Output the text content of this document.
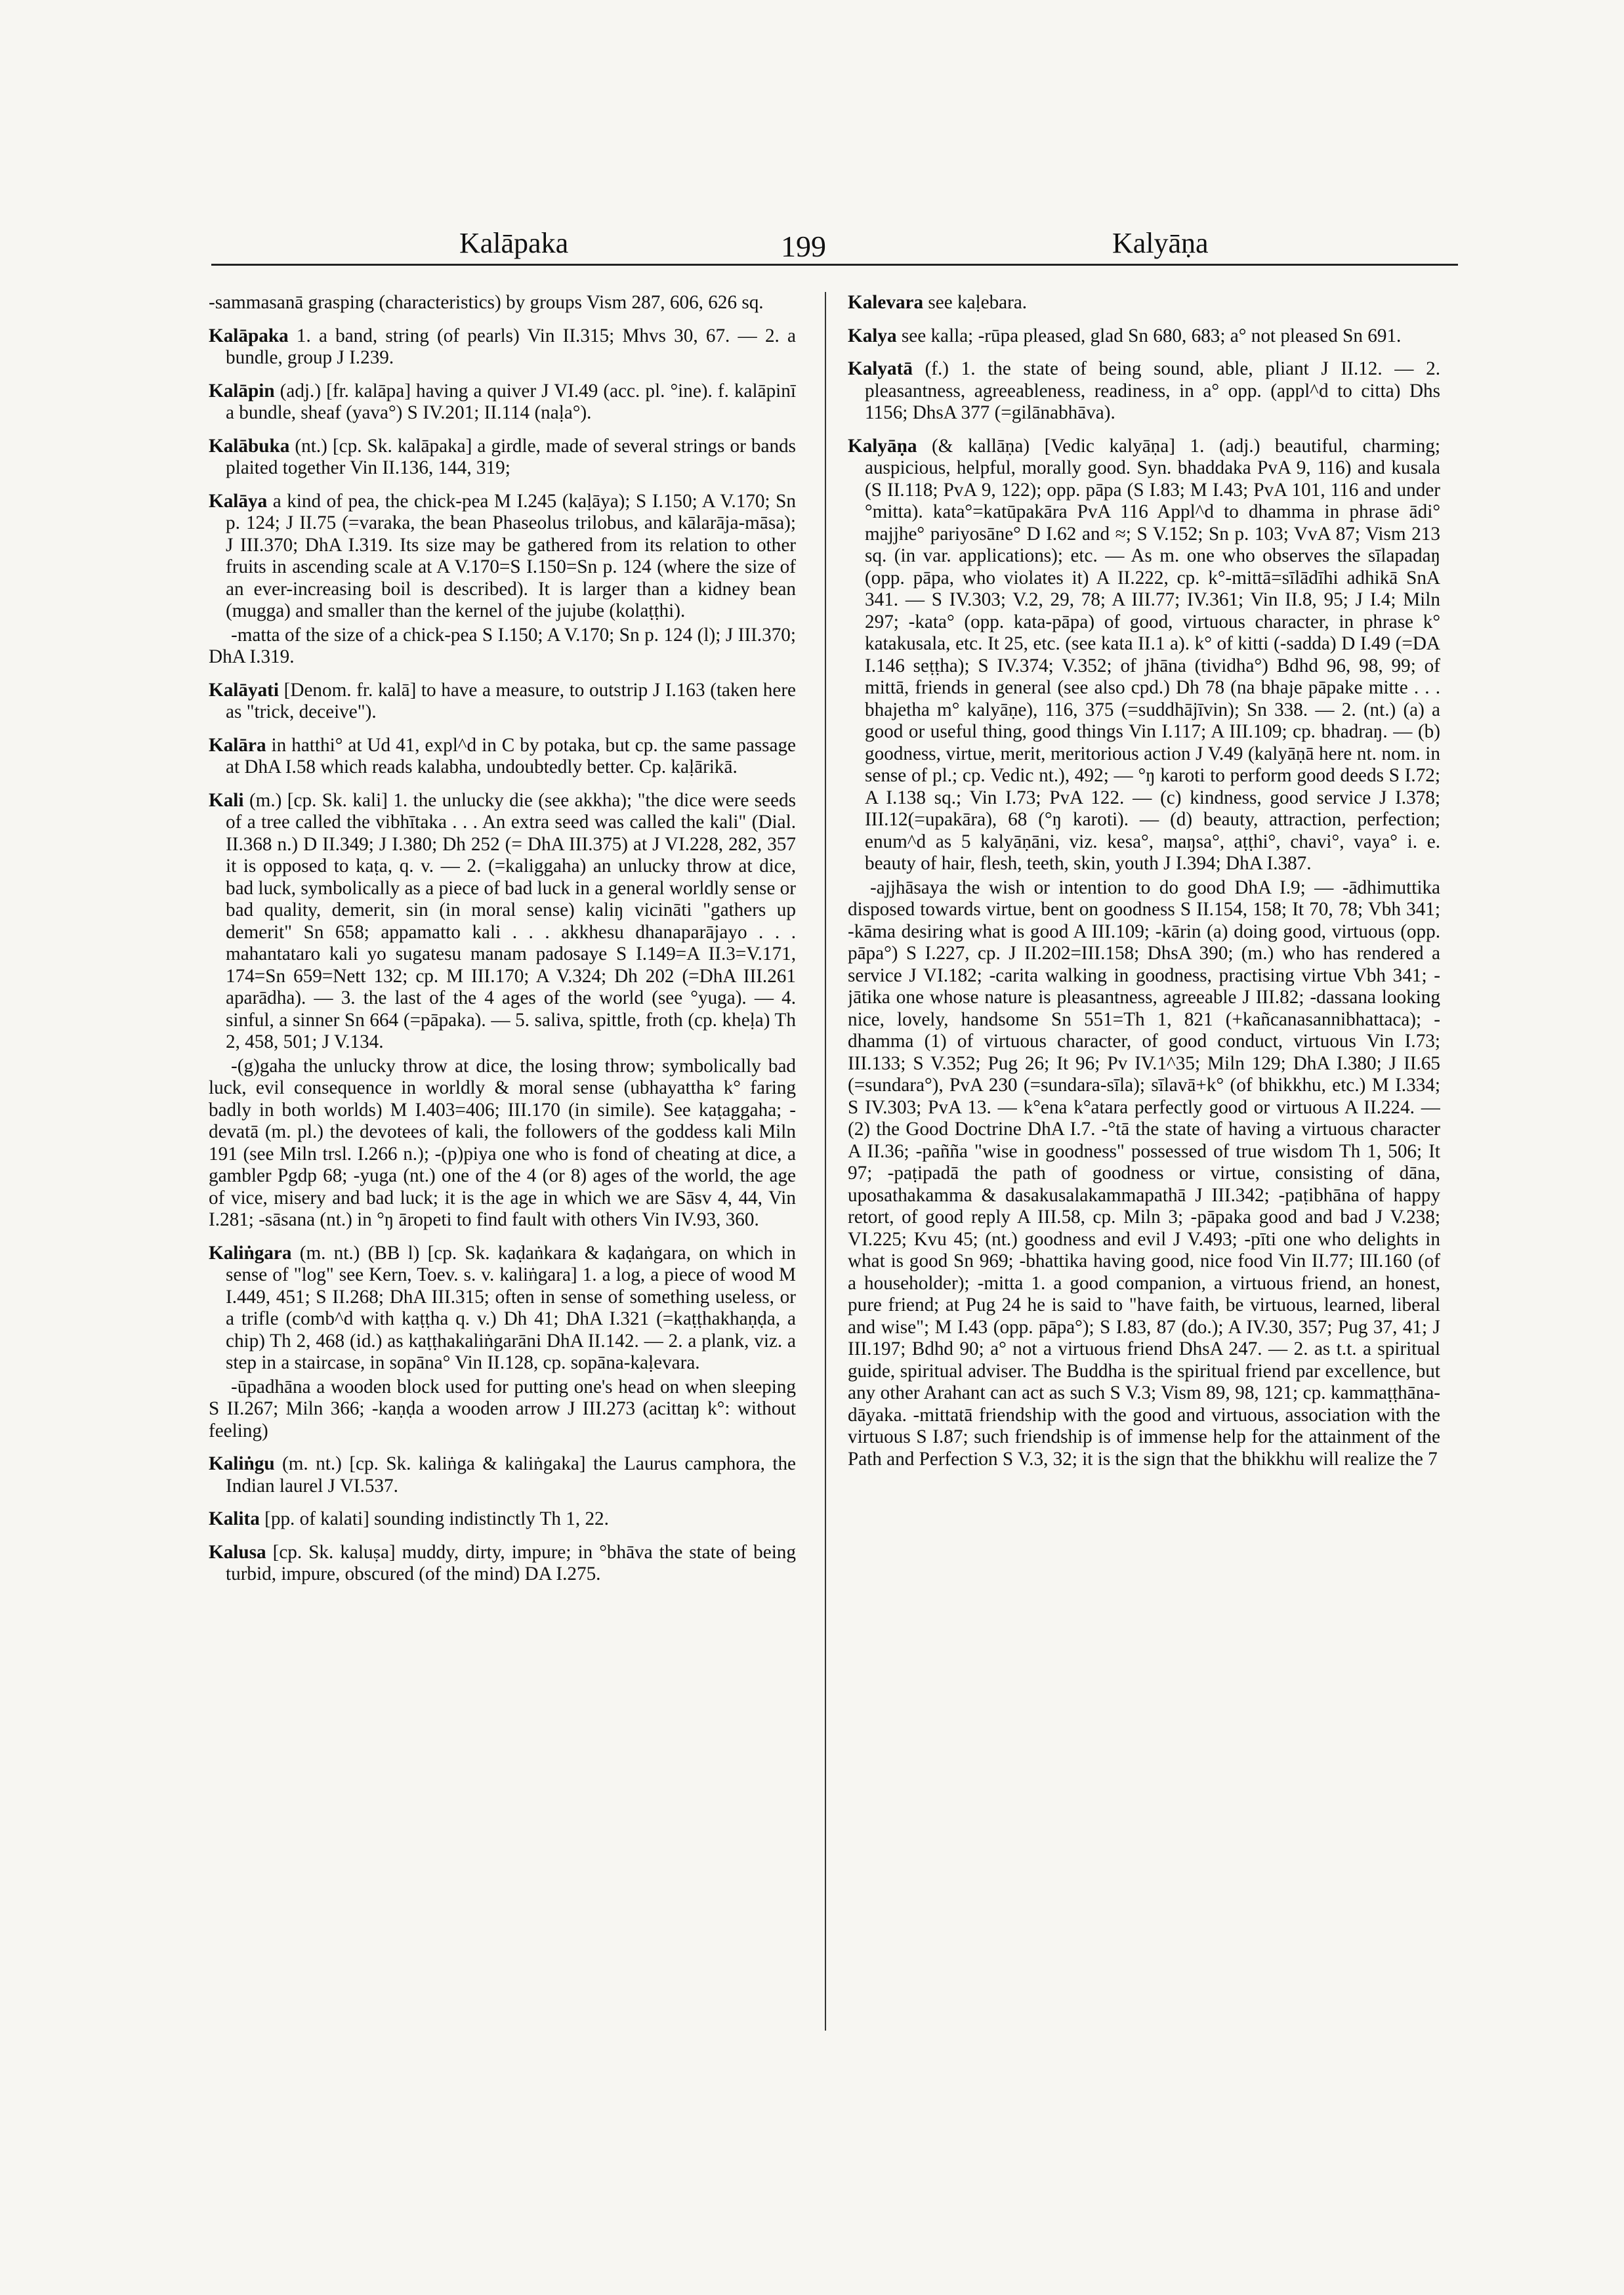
Kalāpaka	199	Kalyāṇa

-sammasanā grasping (characteristics) by groups Vism 287, 606, 626 sq.

Kalāpaka 1. a band, string (of pearls) Vin II.315; Mhvs 30, 67. — 2. a bundle, group J I.239.

Kalāpin (adj.) [fr. kalāpa] having a quiver J VI.49 (acc. pl. °ine). f. kalāpinī a bundle, sheaf (yava°) S IV.201; II.114 (naḷa°).

Kalābuka (nt.) [cp. Sk. kalāpaka] a girdle, made of several strings or bands plaited together Vin II.136, 144, 319;

Kalāya a kind of pea, the chick-pea M I.245 (kaḷāya); S I.150; A V.170; Sn p. 124; J II.75 (=varaka, the bean Phaseolus trilobus, and kālarāja-māsa); J III.370; DhA I.319. Its size may be gathered from its relation to other fruits in ascending scale at A V.170=S I.150=Sn p. 124 (where the size of an ever-increasing boil is described). It is larger than a kidney bean (mugga) and smaller than the kernel of the jujube (kolaṭṭhi).

-matta of the size of a chick-pea S I.150; A V.170; Sn p. 124 (l); J III.370; DhA I.319.

Kalāyati [Denom. fr. kalā] to have a measure, to outstrip J I.163 (taken here as "trick, deceive").

Kalāra in hatthi° at Ud 41, expl^d in C by potaka, but cp. the same passage at DhA I.58 which reads kalabha, undoubtedly better. Cp. kaḷārikā.

Kali (m.) [cp. Sk. kali] 1. the unlucky die (see akkha); "the dice were seeds of a tree called the vibhītaka . . . An extra seed was called the kali" (Dial. II.368 n.) D II.349; J I.380; Dh 252 (= DhA III.375) at J VI.228, 282, 357 it is opposed to kaṭa, q. v. — 2. (=kaliggaha) an unlucky throw at dice, bad luck, symbolically as a piece of bad luck in a general worldly sense or bad quality, demerit, sin (in moral sense) kaliŋ vicināti "gathers up demerit" Sn 658; appamatto kali . . . akkhesu dhanaparājayo . . . mahantataro kali yo sugatesu manam padosaye S I.149=A II.3=V.171, 174=Sn 659=Nett 132; cp. M III.170; A V.324; Dh 202 (=DhA III.261 aparādha). — 3. the last of the 4 ages of the world (see °yuga). — 4. sinful, a sinner Sn 664 (=pāpaka). — 5. saliva, spittle, froth (cp. kheḷa) Th 2, 458, 501; J V.134.

-(g)gaha the unlucky throw at dice, the losing throw; symbolically bad luck, evil consequence in worldly & moral sense (ubhayattha k° faring badly in both worlds) M I.403=406; III.170 (in simile). See kaṭaggaha; -devatā (m. pl.) the devotees of kali, the followers of the goddess kali Miln 191 (see Miln trsl. I.266 n.); -(p)piya one who is fond of cheating at dice, a gambler Pgdp 68; -yuga (nt.) one of the 4 (or 8) ages of the world, the age of vice, misery and bad luck; it is the age in which we are Sāsv 4, 44, Vin I.281; -sāsana (nt.) in °ŋ āropeti to find fault with others Vin IV.93, 360.

Kaliṅgara (m. nt.) (BB l) [cp. Sk. kaḍaṅkara & kaḍaṅgara, on which in sense of "log" see Kern, Toev. s. v. kaliṅgara] 1. a log, a piece of wood M I.449, 451; S II.268; DhA III.315; often in sense of something useless, or a trifle (comb^d with kaṭṭha q. v.) Dh 41; DhA I.321 (=kaṭṭhakhaṇḍa, a chip) Th 2, 468 (id.) as kaṭṭhakaliṅgarāni DhA II.142. — 2. a plank, viz. a step in a staircase, in sopāna° Vin II.128, cp. sopāna-kaḷevara.

-ūpadhāna a wooden block used for putting one's head on when sleeping S II.267; Miln 366; -kaṇḍa a wooden arrow J III.273 (acittaŋ k°: without feeling)

Kaliṅgu (m. nt.) [cp. Sk. kaliṅga & kaliṅgaka] the Laurus camphora, the Indian laurel J VI.537.

Kalita [pp. of kalati] sounding indistinctly Th 1, 22.

Kalusa [cp. Sk. kaluṣa] muddy, dirty, impure; in °bhāva the state of being turbid, impure, obscured (of the mind) DA I.275.

Kalevara see kaḷebara.

Kalya see kalla; -rūpa pleased, glad Sn 680, 683; a° not pleased Sn 691.

Kalyatā (f.) 1. the state of being sound, able, pliant J II.12. — 2. pleasantness, agreeableness, readiness, in a° opp. (appl^d to citta) Dhs 1156; DhsA 377 (=gilānabhāva).

Kalyāṇa (& kallāṇa) [Vedic kalyāṇa] 1. (adj.) beautiful, charming; auspicious, helpful, morally good. Syn. bhaddaka PvA 9, 116) and kusala (S II.118; PvA 9, 122); opp. pāpa (S I.83; M I.43; PvA 101, 116 and under °mitta). kata°=katūpakāra PvA 116 Appl^d to dhamma in phrase ādi° majjhe° pariyosāne° D I.62 and ≈; S V.152; Sn p. 103; VvA 87; Vism 213 sq. (in var. applications); etc. — As m. one who observes the sīlapadaŋ (opp. pāpa, who violates it) A II.222, cp. k°-mittā=sīlādīhi adhikā SnA 341. — S IV.303; V.2, 29, 78; A III.77; IV.361; Vin II.8, 95; J I.4; Miln 297; -kata° (opp. kata-pāpa) of good, virtuous character, in phrase k° katakusala, etc. It 25, etc. (see kata II.1 a). k° of kitti (-sadda) D I.49 (=DA I.146 seṭṭha); S IV.374; V.352; of jhāna (tividha°) Bdhd 96, 98, 99; of mittā, friends in general (see also cpd.) Dh 78 (na bhaje pāpake mitte . . . bhajetha m° kalyāṇe), 116, 375 (=suddhājīvin); Sn 338. — 2. (nt.) (a) a good or useful thing, good things Vin I.117; A III.109; cp. bhadraŋ. — (b) goodness, virtue, merit, meritorious action J V.49 (kalyāṇā here nt. nom. in sense of pl.; cp. Vedic nt.), 492; — °ŋ karoti to perform good deeds S I.72; A I.138 sq.; Vin I.73; PvA 122. — (c) kindness, good service J I.378; III.12(=upakāra), 68 (°ŋ karoti). — (d) beauty, attraction, perfection; enum^d as 5 kalyāṇāni, viz. kesa°, maŋsa°, aṭṭhi°, chavi°, vaya° i. e. beauty of hair, flesh, teeth, skin, youth J I.394; DhA I.387.

-ajjhāsaya the wish or intention to do good DhA I.9; — -ādhimuttika disposed towards virtue, bent on goodness S II.154, 158; It 70, 78; Vbh 341; -kāma desiring what is good A III.109; -kārin (a) doing good, virtuous (opp. pāpa°) S I.227, cp. J II.202=III.158; DhsA 390; (m.) who has rendered a service J VI.182; -carita walking in goodness, practising virtue Vbh 341; -jātika one whose nature is pleasantness, agreeable J III.82; -dassana looking nice, lovely, handsome Sn 551=Th 1, 821 (+kañcanasannibhattaca); -dhamma (1) of virtuous character, of good conduct, virtuous Vin I.73; III.133; S V.352; Pug 26; It 96; Pv IV.1^35; Miln 129; DhA I.380; J II.65 (=sundara°), PvA 230 (=sundara-sīla); sīlavā+k° (of bhikkhu, etc.) M I.334; S IV.303; PvA 13. — k°ena k°atara perfectly good or virtuous A II.224. — (2) the Good Doctrine DhA I.7. -°tā the state of having a virtuous character A II.36; -pañña "wise in goodness" possessed of true wisdom Th 1, 506; It 97; -paṭipadā the path of goodness or virtue, consisting of dāna, uposathakamma & dasakusalakammapathā J III.342; -paṭibhāna of happy retort, of good reply A III.58, cp. Miln 3; -pāpaka good and bad J V.238; VI.225; Kvu 45; (nt.) goodness and evil J V.493; -pīti one who delights in what is good Sn 969; -bhattika having good, nice food Vin II.77; III.160 (of a householder); -mitta 1. a good companion, a virtuous friend, an honest, pure friend; at Pug 24 he is said to "have faith, be virtuous, learned, liberal and wise"; M I.43 (opp. pāpa°); S I.83, 87 (do.); A IV.30, 357; Pug 37, 41; J III.197; Bdhd 90; a° not a virtuous friend DhsA 247. — 2. as t.t. a spiritual guide, spiritual adviser. The Buddha is the spiritual friend par excellence, but any other Arahant can act as such S V.3; Vism 89, 98, 121; cp. kammaṭṭhāna-dāyaka. -mittatā friendship with the good and virtuous, association with the virtuous S I.87; such friendship is of immense help for the attainment of the Path and Perfection S V.3, 32; it is the sign that the bhikkhu will realize the 7
